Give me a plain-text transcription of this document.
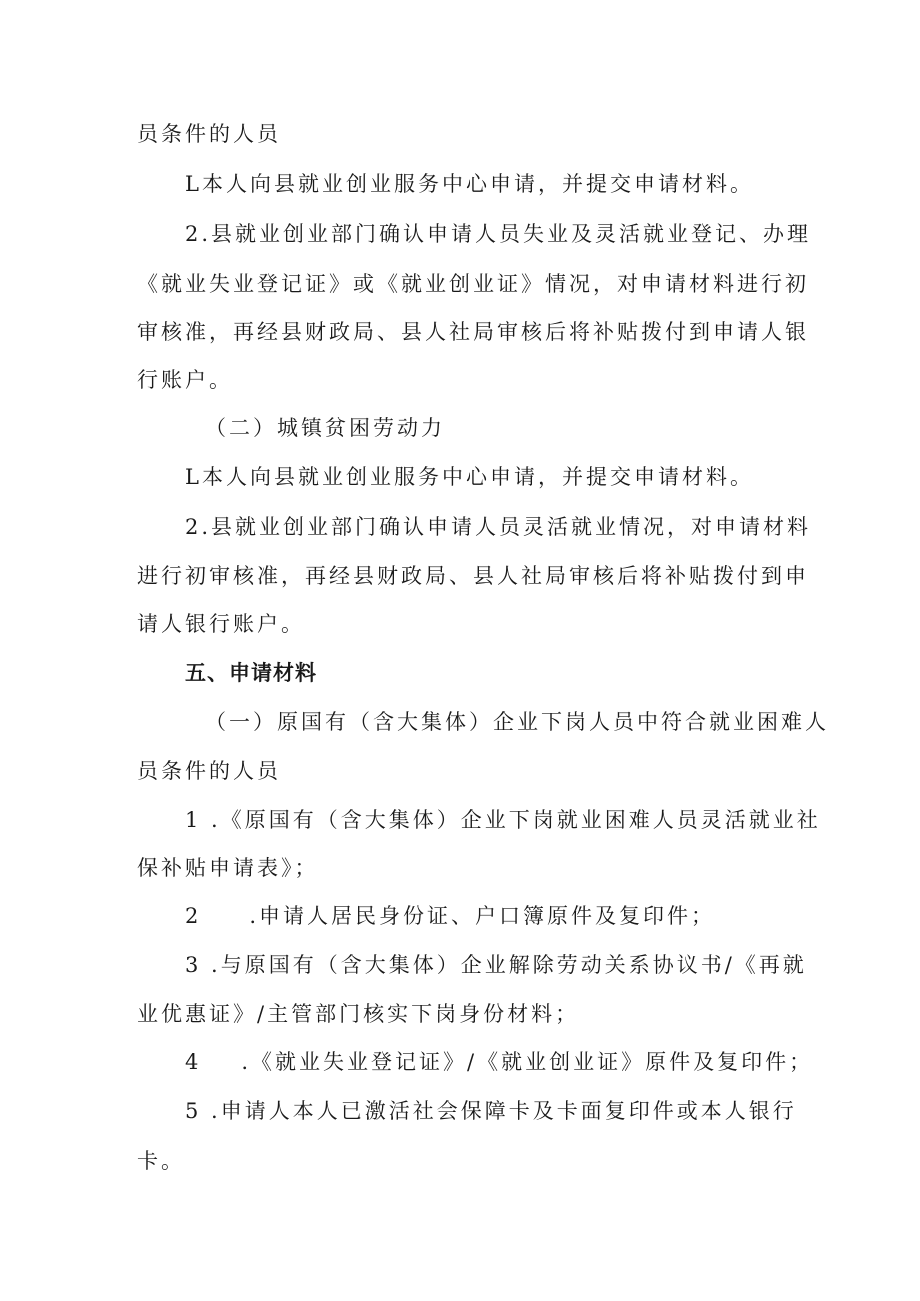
员条件的人员
L本人向县就业创业服务中心申请，并提交申请材料。
2.县就业创业部门确认申请人员失业及灵活就业登记、办理
《就业失业登记证》或《就业创业证》情况，对申请材料进行初
审核准，再经县财政局、县人社局审核后将补贴拨付到申请人银
行账户。
（二）城镇贫困劳动力
L本人向县就业创业服务中心申请，并提交申请材料。
2.县就业创业部门确认申请人员灵活就业情况，对申请材料
进行初审核准，再经县财政局、县人社局审核后将补贴拨付到申
请人银行账户。
五、申请材料
（一）原国有（含大集体）企业下岗人员中符合就业困难人
员条件的人员
1 .《原国有（含大集体）企业下岗就业困难人员灵活就业社
保补贴申请表》；
2 .申请人居民身份证、户口簿原件及复印件；
3 .与原国有（含大集体）企业解除劳动关系协议书/《再就
业优惠证》/主管部门核实下岗身份材料；
4 .《就业失业登记证》/《就业创业证》原件及复印件；
5 .申请人本人已激活社会保障卡及卡面复印件或本人银行
卡。
